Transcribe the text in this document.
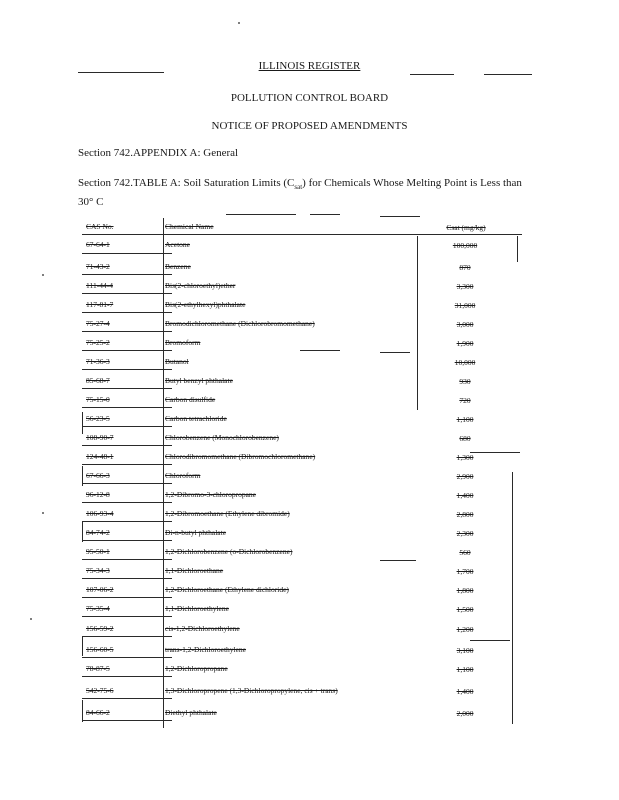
ILLINOIS REGISTER
POLLUTION CONTROL BOARD
NOTICE OF PROPOSED AMENDMENTS
Section 742.APPENDIX A: General
Section 742.TABLE A: Soil Saturation Limits $(C_{sat})$ for Chemicals Whose Melting Point is Less than 30° C
CAS No.	Chemical Name	Csat (mg/kg)
67-64-1	Acetone	100,000
71-43-2	Benzene	870
111-44-4	Bis(2-chloroethyl)ether	3,300
117-81-7	Bis(2-ethylhexyl)phthalate	31,000
75-27-4	Bromodichloromethane (Dichlorobromomethane)	3,000
75-25-2	Bromoform	1,900
71-36-3	Butanol	10,000
85-68-7	Butyl benzyl phthalate	930
75-15-0	Carbon disulfide	720
56-23-5	Carbon tetrachloride	1,100
108-90-7	Chlorobenzene (Monochlorobenzene)	680
124-48-1	Chlorodibromomethane (Dibromochloromethane)	1,300
67-66-3	Chloroform	2,900
96-12-8	1,2-Dibromo-3-chloropropane	1,400
106-93-4	1,2-Dibromoethane (Ethylene dibromide)	2,800
84-74-2	Di-n-butyl phthalate	2,300
95-50-1	1,2-Dichlorobenzene (o-Dichlorobenzene)	560
75-34-3	1,1-Dichloroethane	1,700
107-06-2	1,2-Dichloroethane (Ethylene dichloride)	1,800
75-35-4	1,1-Dichloroethylene	1,500
156-59-2	cis-1,2-Dichloroethylene	1,200
156-60-5	trans-1,2-Dichloroethylene	3,100
78-87-5	1,2-Dichloropropane	1,100
542-75-6	1,3-Dichloropropene (1,3-Dichloropropylene, cis + trans)	1,400
84-66-2	Diethyl phthalate	2,000
